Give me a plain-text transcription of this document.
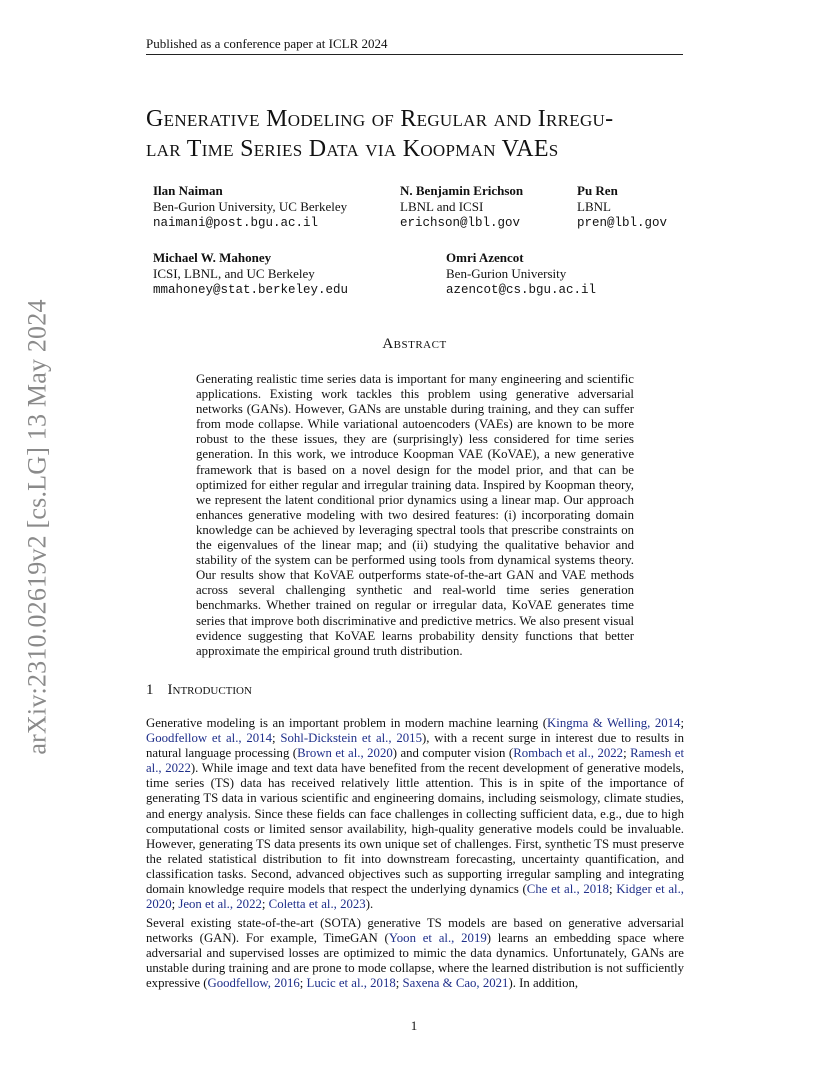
arXiv:2310.02619v2 [cs.LG] 13 May 2024
Published as a conference paper at ICLR 2024
Generative Modeling of Regular and Irregu-
lar Time Series Data via Koopman VAEs
Ilan Naiman
Ben-Gurion University, UC Berkeley
naimani@post.bgu.ac.il
N. Benjamin Erichson
LBNL and ICSI
erichson@lbl.gov
Pu Ren
LBNL
pren@lbl.gov
Michael W. Mahoney
ICSI, LBNL, and UC Berkeley
mmahoney@stat.berkeley.edu
Omri Azencot
Ben-Gurion University
azencot@cs.bgu.ac.il
Abstract
Generating realistic time series data is important for many engineering and scientific applications. Existing work tackles this problem using generative adversarial networks (GANs). However, GANs are unstable during training, and they can suffer from mode collapse. While variational autoencoders (VAEs) are known to be more robust to the these issues, they are (surprisingly) less considered for time series generation. In this work, we introduce Koopman VAE (KoVAE), a new generative framework that is based on a novel design for the model prior, and that can be optimized for either regular and irregular training data. Inspired by Koopman theory, we represent the latent conditional prior dynamics using a linear map. Our approach enhances generative modeling with two desired features: (i) incorporating domain knowledge can be achieved by leveraging spectral tools that prescribe constraints on the eigenvalues of the linear map; and (ii) studying the qualitative behavior and stability of the system can be performed using tools from dynamical systems theory. Our results show that KoVAE outperforms state-of-the-art GAN and VAE methods across several challenging synthetic and real-world time series generation benchmarks. Whether trained on regular or irregular data, KoVAE generates time series that improve both discriminative and predictive metrics. We also present visual evidence suggesting that KoVAE learns probability density functions that better approximate the empirical ground truth distribution.
1 Introduction
Generative modeling is an important problem in modern machine learning (Kingma & Welling, 2014; Goodfellow et al., 2014; Sohl-Dickstein et al., 2015), with a recent surge in interest due to results in natural language processing (Brown et al., 2020) and computer vision (Rombach et al., 2022; Ramesh et al., 2022). While image and text data have benefited from the recent development of generative models, time series (TS) data has received relatively little attention. This is in spite of the importance of generating TS data in various scientific and engineering domains, including seismology, climate studies, and energy analysis. Since these fields can face challenges in collecting sufficient data, e.g., due to high computational costs or limited sensor availability, high-quality generative models could be invaluable. However, generating TS data presents its own unique set of challenges. First, synthetic TS must preserve the related statistical distribution to fit into downstream forecasting, uncertainty quantification, and classification tasks. Second, advanced objectives such as supporting irregular sampling and integrating domain knowledge require models that respect the underlying dynamics (Che et al., 2018; Kidger et al., 2020; Jeon et al., 2022; Coletta et al., 2023).
Several existing state-of-the-art (SOTA) generative TS models are based on generative adversarial networks (GAN). For example, TimeGAN (Yoon et al., 2019) learns an embedding space where adversarial and supervised losses are optimized to mimic the data dynamics. Unfortunately, GANs are unstable during training and are prone to mode collapse, where the learned distribution is not sufficiently expressive (Goodfellow, 2016; Lucic et al., 2018; Saxena & Cao, 2021). In addition,
1
